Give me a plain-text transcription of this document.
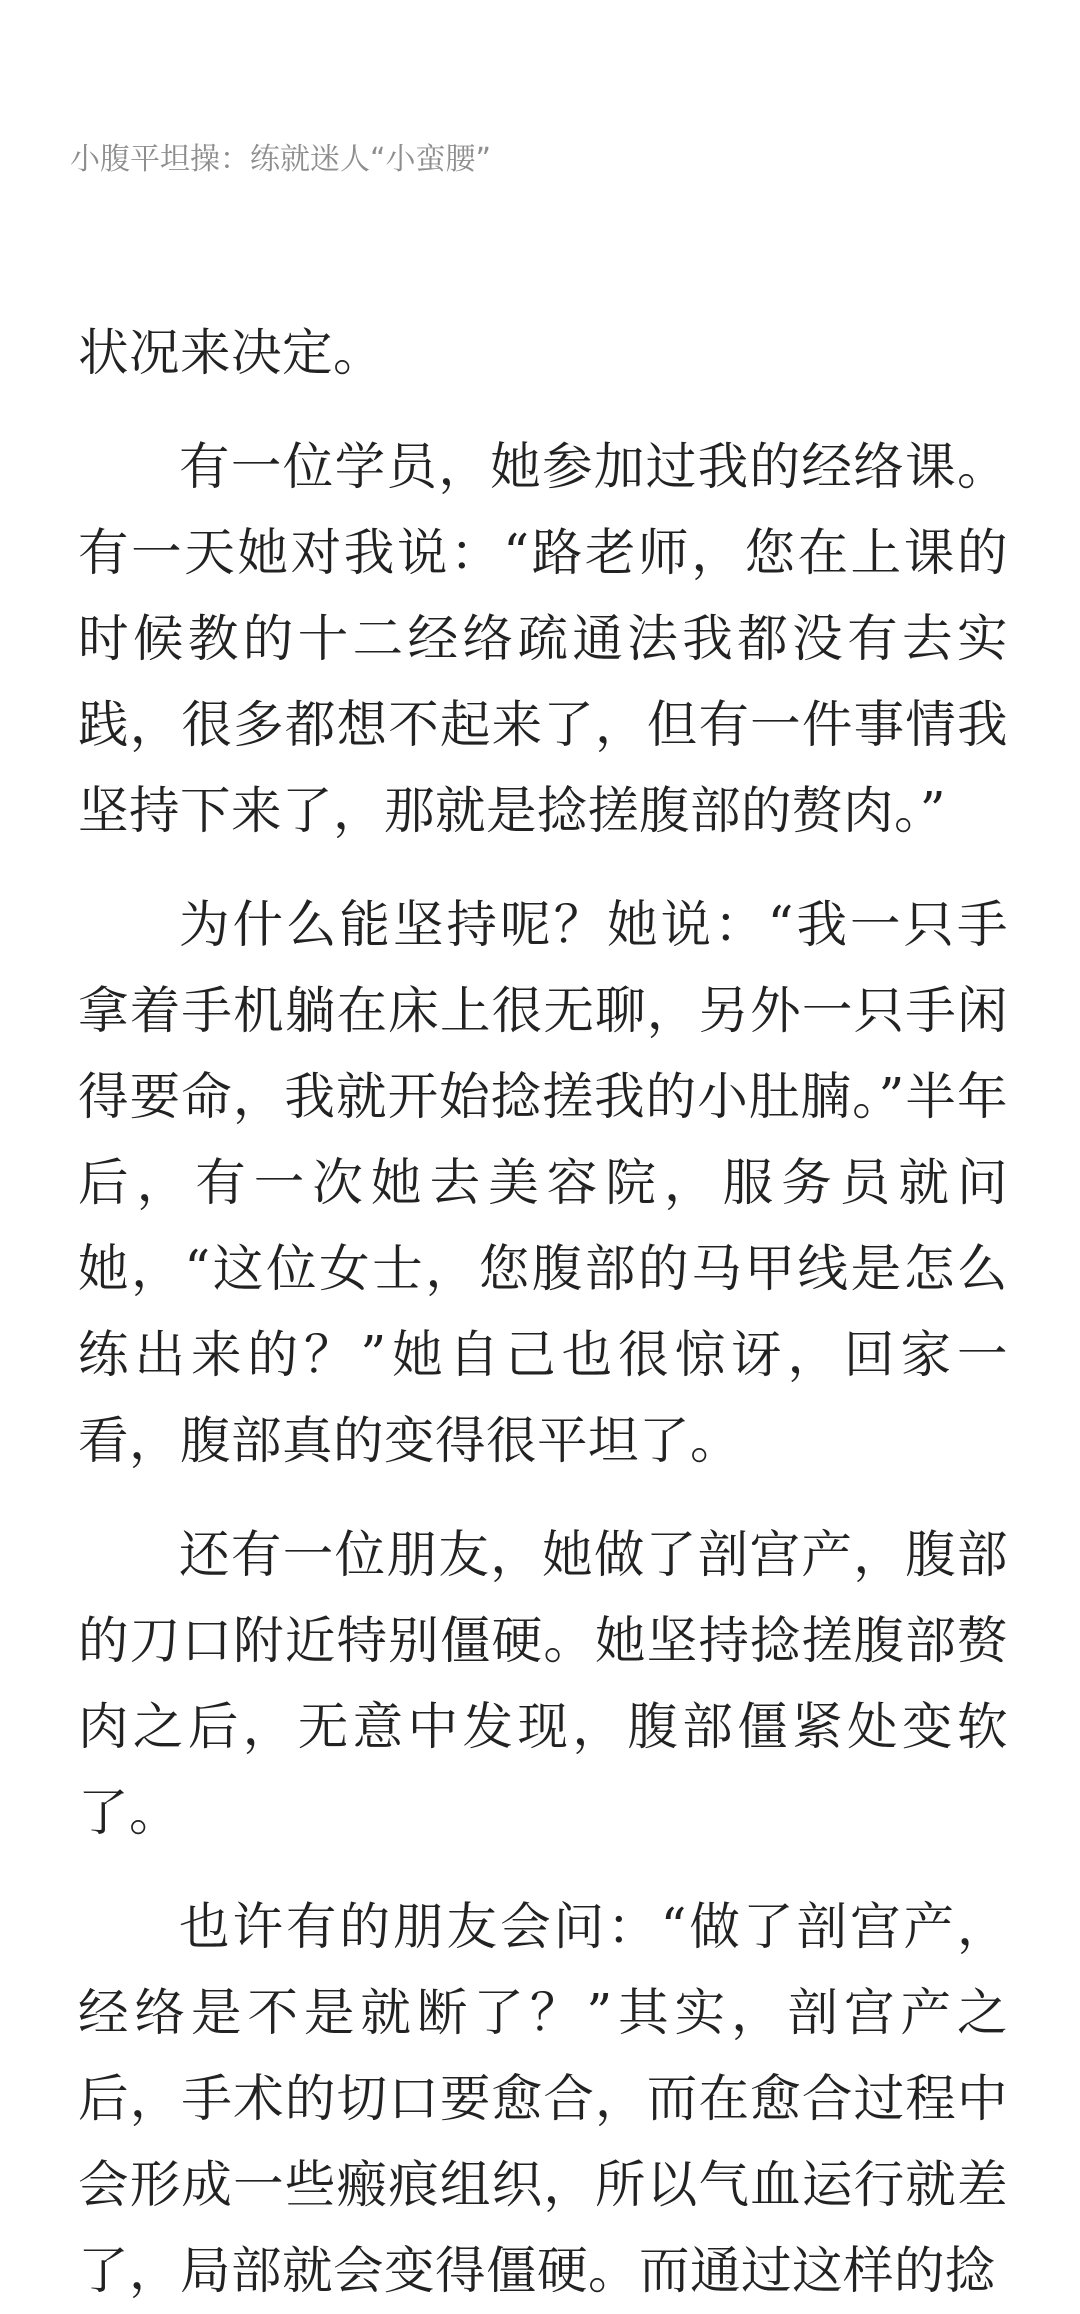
小腹平坦操：练就迷人“小蛮腰”

状况来决定。

有一位学员，她参加过我的经络课。有一天她对我说：“路老师，您在上课的时候教的十二经络疏通法我都没有去实践，很多都想不起来了，但有一件事情我坚持下来了，那就是捻搓腹部的赘肉。”

为什么能坚持呢？她说：“我一只手拿着手机躺在床上很无聊，另外一只手闲得要命，我就开始捻搓我的小肚腩。”半年后，有一次她去美容院，服务员就问她，“这位女士，您腹部的马甲线是怎么练出来的？”她自己也很惊讶，回家一看，腹部真的变得很平坦了。

还有一位朋友，她做了剖宫产，腹部的刀口附近特别僵硬。她坚持捻搓腹部赘肉之后，无意中发现，腹部僵紧处变软了。

也许有的朋友会问：“做了剖宫产，经络是不是就断了？”其实，剖宫产之后，手术的切口要愈合，而在愈合过程中会形成一些瘢痕组织，所以气血运行就差了，局部就会变得僵硬。而通过这样的捻
